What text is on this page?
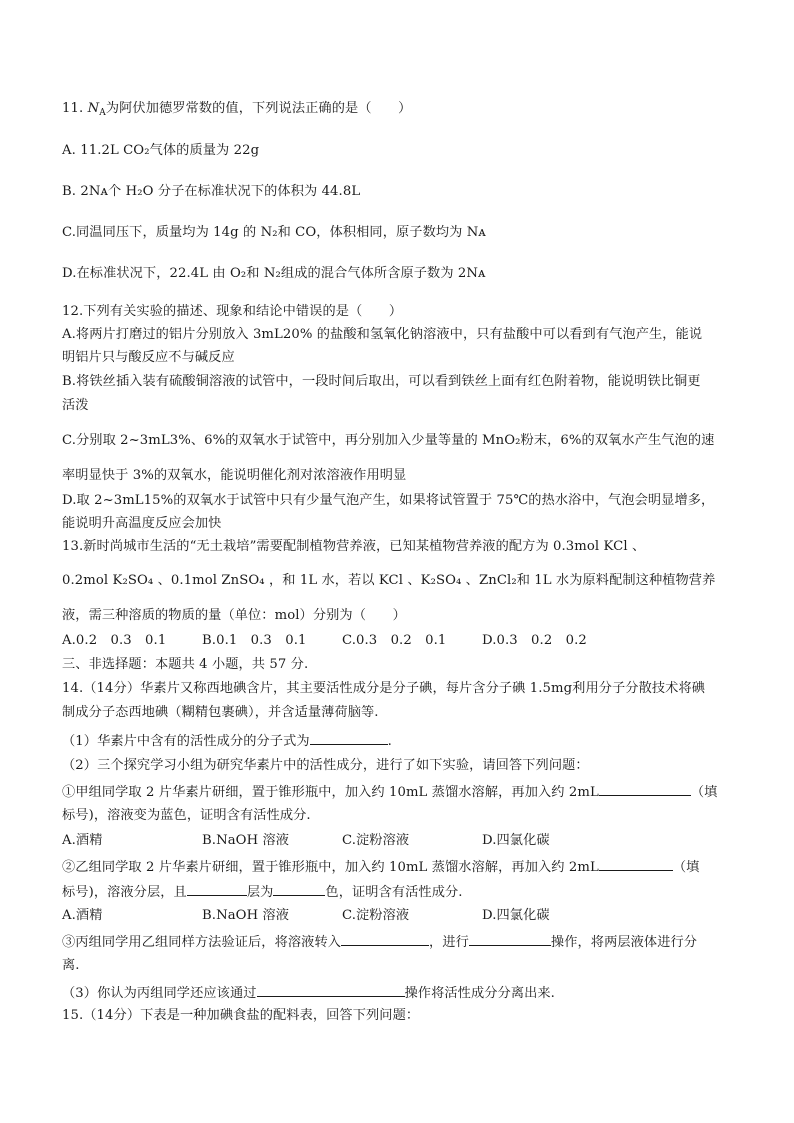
11. $N_A$为阿伏加德罗常数的值，下列说法正确的是（　　）
A. 11.2L CO₂气体的质量为 22g
B. 2Nᴀ个 H₂O 分子在标准状况下的体积为 44.8L
C.同温同压下，质量均为 14g 的 N₂和 CO，体积相同，原子数均为 Nᴀ
D.在标准状况下，22.4L 由 O₂和 N₂组成的混合气体所含原子数为 2Nᴀ
12.下列有关实验的描述、现象和结论中错误的是（　　）
A.将两片打磨过的铝片分别放入 3mL20% 的盐酸和氢氧化钠溶液中，只有盐酸中可以看到有气泡产生，能说
明铝片只与酸反应不与碱反应
B.将铁丝插入装有硫酸铜溶液的试管中，一段时间后取出，可以看到铁丝上面有红色附着物，能说明铁比铜更
活泼
C.分别取 2~3mL3%、6%的双氧水于试管中，再分别加入少量等量的 MnO₂粉末，6%的双氧水产生气泡的速
率明显快于 3%的双氧水，能说明催化剂对浓溶液作用明显
D.取 2~3mL15%的双氧水于试管中只有少量气泡产生，如果将试管置于 75℃的热水浴中，气泡会明显增多，
能说明升高温度反应会加快
13.新时尚城市生活的“无土栽培”需要配制植物营养液，已知某植物营养液的配方为 0.3mol KCl 、
0.2mol K₂SO₄ 、0.1mol ZnSO₄ ，和 1L 水，若以 KCl 、K₂SO₄ 、ZnCl₂和 1L 水为原料配制这种植物营养
液，需三种溶质的物质的量（单位：mol）分别为（　　）
A.0.2　0.3　0.1	B.0.1　0.3　0.1	C.0.3　0.2　0.1	D.0.3　0.2　0.2
三、非选择题：本题共 4 小题，共 57 分.
14.（14分）华素片又称西地碘含片，其主要活性成分是分子碘，每片含分子碘 1.5mg利用分子分散技术将碘
制成分子态西地碘（糊精包裹碘），并含适量薄荷脑等.
（1）华素片中含有的活性成分的分子式为	.
（2）三个探究学习小组为研究华素片中的活性成分，进行了如下实验，请回答下列问题：
①甲组同学取 2 片华素片研细，置于锥形瓶中，加入约 10mL 蒸馏水溶解，再加入约 2mL	（填
标号)，溶液变为蓝色，证明含有活性成分.
A.酒精	B.NaOH 溶液	C.淀粉溶液	D.四氯化碳
②乙组同学取 2 片华素片研细，置于锥形瓶中，加入约 10mL 蒸馏水溶解，再加入约 2mL	（填
标号)，溶液分层，且	层为	色，证明含有活性成分.
A.酒精	B.NaOH 溶液	C.淀粉溶液	D.四氯化碳
③丙组同学用乙组同样方法验证后，将溶液转入	，进行	操作，将两层液体进行分
离.
（3）你认为丙组同学还应该通过	操作将活性成分分离出来.
15.（14分）下表是一种加碘食盐的配料表，回答下列问题：
